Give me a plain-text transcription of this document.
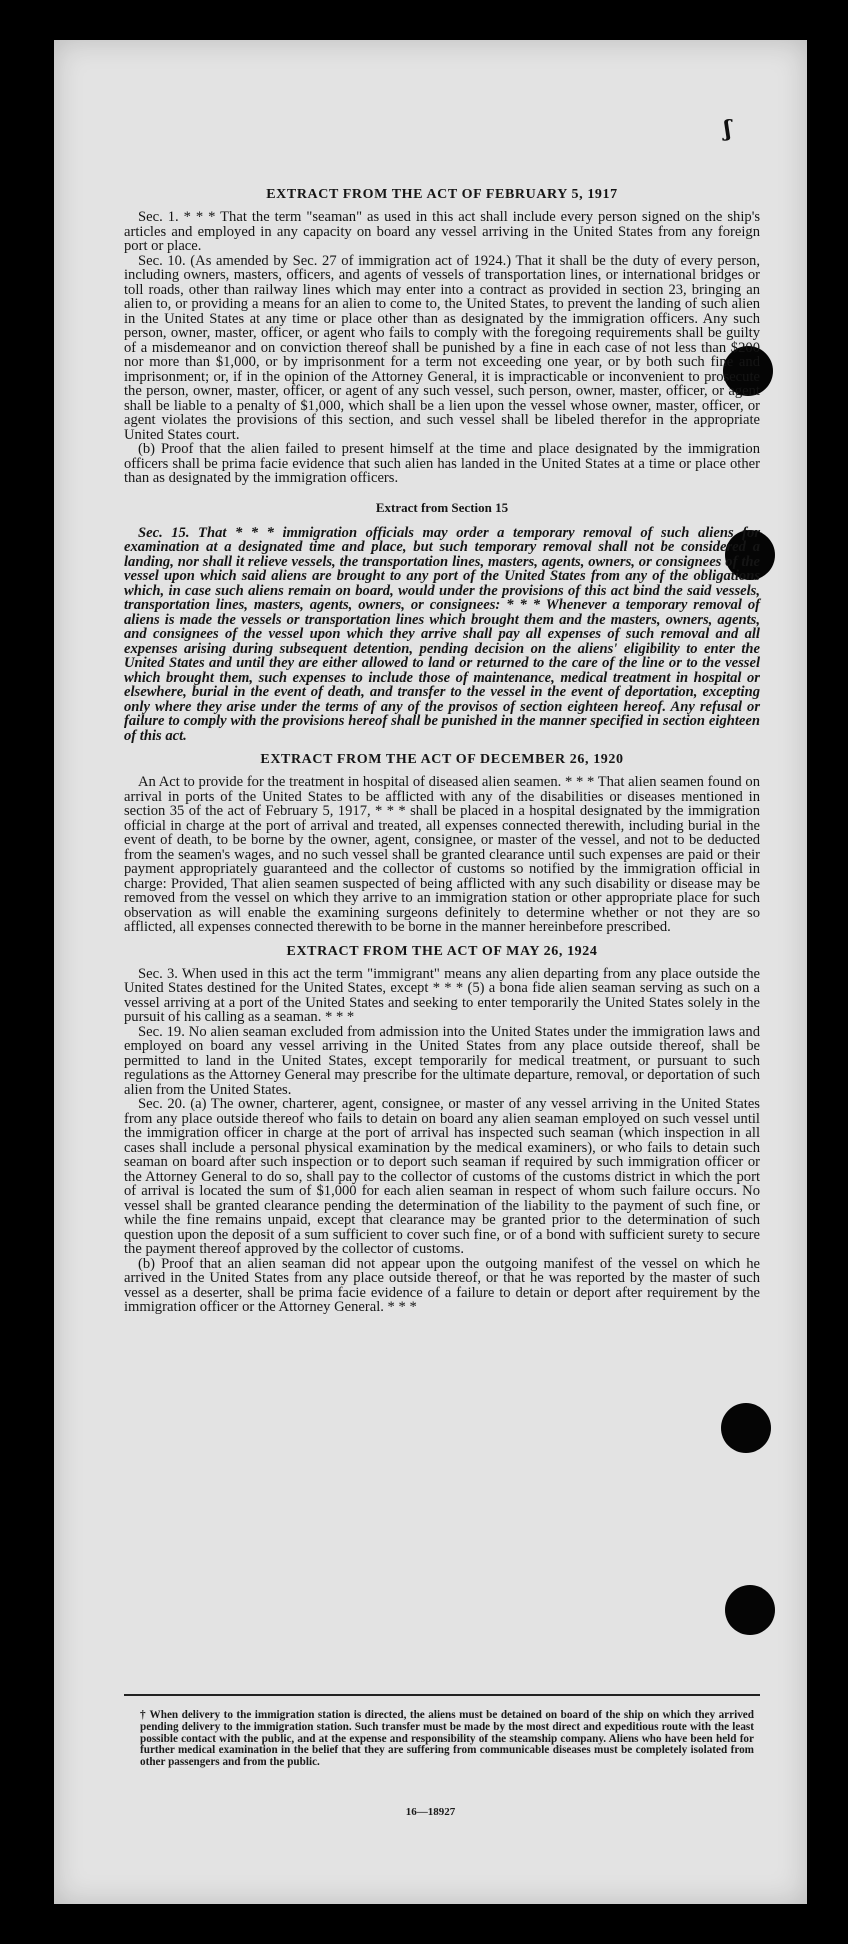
ʃ
EXTRACT FROM THE ACT OF FEBRUARY 5, 1917

Sec. 1. * * * That the term "seaman" as used in this act shall include every person signed on the ship's articles and employed in any capacity on board any vessel arriving in the United States from any foreign port or place.

Sec. 10. (As amended by Sec. 27 of immigration act of 1924.) That it shall be the duty of every person, including owners, masters, officers, and agents of vessels of transportation lines, or international bridges or toll roads, other than railway lines which may enter into a contract as provided in section 23, bringing an alien to, or providing a means for an alien to come to, the United States, to prevent the landing of such alien in the United States at any time or place other than as designated by the immigration officers. Any such person, owner, master, officer, or agent who fails to comply with the foregoing requirements shall be guilty of a misdemeanor and on conviction thereof shall be punished by a fine in each case of not less than $200 nor more than $1,000, or by imprisonment for a term not exceeding one year, or by both such fine and imprisonment; or, if in the opinion of the Attorney General, it is impracticable or inconvenient to prosecute the person, owner, master, officer, or agent of any such vessel, such person, owner, master, officer, or agent shall be liable to a penalty of $1,000, which shall be a lien upon the vessel whose owner, master, officer, or agent violates the provisions of this section, and such vessel shall be libeled therefor in the appropriate United States court.

(b) Proof that the alien failed to present himself at the time and place designated by the immigration officers shall be prima facie evidence that such alien has landed in the United States at a time or place other than as designated by the immigration officers.

Extract from Section 15

Sec. 15. That * * * immigration officials may order a temporary removal of such aliens for examination at a designated time and place, but such temporary removal shall not be considered a landing, nor shall it relieve vessels, the transportation lines, masters, agents, owners, or consignees of the vessel upon which said aliens are brought to any port of the United States from any of the obligations which, in case such aliens remain on board, would under the provisions of this act bind the said vessels, transportation lines, masters, agents, owners, or consignees: * * * Whenever a temporary removal of aliens is made the vessels or transportation lines which brought them and the masters, owners, agents, and consignees of the vessel upon which they arrive shall pay all expenses of such removal and all expenses arising during subsequent detention, pending decision on the aliens' eligibility to enter the United States and until they are either allowed to land or returned to the care of the line or to the vessel which brought them, such expenses to include those of maintenance, medical treatment in hospital or elsewhere, burial in the event of death, and transfer to the vessel in the event of deportation, excepting only where they arise under the terms of any of the provisos of section eighteen hereof. Any refusal or failure to comply with the provisions hereof shall be punished in the manner specified in section eighteen of this act.

EXTRACT FROM THE ACT OF DECEMBER 26, 1920

An Act to provide for the treatment in hospital of diseased alien seamen. * * * That alien seamen found on arrival in ports of the United States to be afflicted with any of the disabilities or diseases mentioned in section 35 of the act of February 5, 1917, * * * shall be placed in a hospital designated by the immigration official in charge at the port of arrival and treated, all expenses connected therewith, including burial in the event of death, to be borne by the owner, agent, consignee, or master of the vessel, and not to be deducted from the seamen's wages, and no such vessel shall be granted clearance until such expenses are paid or their payment appropriately guaranteed and the collector of customs so notified by the immigration official in charge: Provided, That alien seamen suspected of being afflicted with any such disability or disease may be removed from the vessel on which they arrive to an immigration station or other appropriate place for such observation as will enable the examining surgeons definitely to determine whether or not they are so afflicted, all expenses connected therewith to be borne in the manner hereinbefore prescribed.

EXTRACT FROM THE ACT OF MAY 26, 1924

Sec. 3. When used in this act the term "immigrant" means any alien departing from any place outside the United States destined for the United States, except * * * (5) a bona fide alien seaman serving as such on a vessel arriving at a port of the United States and seeking to enter temporarily the United States solely in the pursuit of his calling as a seaman. * * *

Sec. 19. No alien seaman excluded from admission into the United States under the immigration laws and employed on board any vessel arriving in the United States from any place outside thereof, shall be permitted to land in the United States, except temporarily for medical treatment, or pursuant to such regulations as the Attorney General may prescribe for the ultimate departure, removal, or deportation of such alien from the United States.

Sec. 20. (a) The owner, charterer, agent, consignee, or master of any vessel arriving in the United States from any place outside thereof who fails to detain on board any alien seaman employed on such vessel until the immigration officer in charge at the port of arrival has inspected such seaman (which inspection in all cases shall include a personal physical examination by the medical examiners), or who fails to detain such seaman on board after such inspection or to deport such seaman if required by such immigration officer or the Attorney General to do so, shall pay to the collector of customs of the customs district in which the port of arrival is located the sum of $1,000 for each alien seaman in respect of whom such failure occurs. No vessel shall be granted clearance pending the determination of the liability to the payment of such fine, or while the fine remains unpaid, except that clearance may be granted prior to the determination of such question upon the deposit of a sum sufficient to cover such fine, or of a bond with sufficient surety to secure the payment thereof approved by the collector of customs.

(b) Proof that an alien seaman did not appear upon the outgoing manifest of the vessel on which he arrived in the United States from any place outside thereof, or that he was reported by the master of such vessel as a deserter, shall be prima facie evidence of a failure to detain or deport after requirement by the immigration officer or the Attorney General. * * *

† When delivery to the immigration station is directed, the aliens must be detained on board of the ship on which they arrived pending delivery to the immigration station. Such transfer must be made by the most direct and expeditious route with the least possible contact with the public, and at the expense and responsibility of the steamship company. Aliens who have been held for further medical examination in the belief that they are suffering from communicable diseases must be completely isolated from other passengers and from the public.
16—18927
